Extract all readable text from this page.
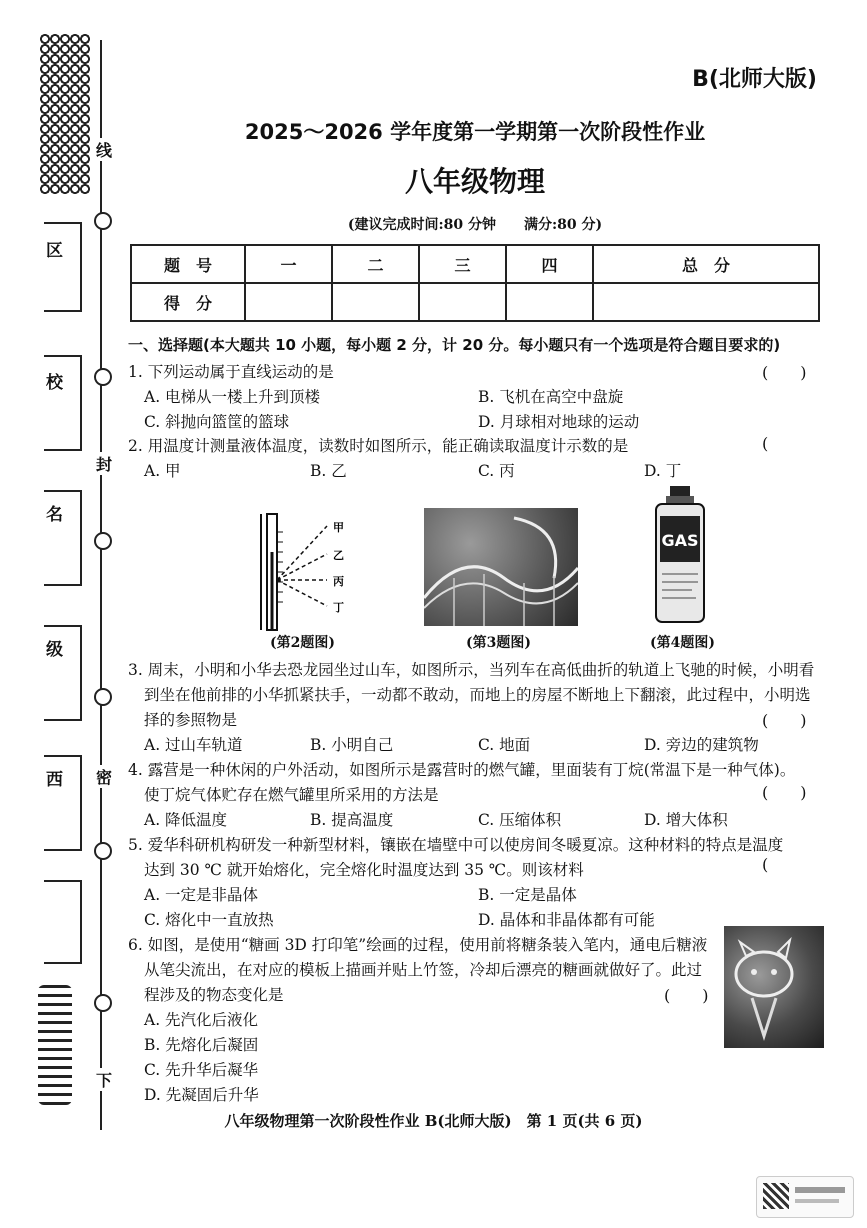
线
封
密
下
区
校
名
级
西
B(北师大版)
2025～2026 学年度第一学期第一次阶段性作业
八年级物理
(建议完成时间:80 分钟　　满分:80 分)
题　号	一	二	三	四	总　分
得　分					
一、选择题(本大题共 10 小题，每小题 2 分，计 20 分。每小题只有一个选项是符合题目要求的)
1. 下列运动属于直线运动的是	(　　)
A. 电梯从一楼上升到顶楼	B. 飞机在高空中盘旋
C. 斜抛向篮筐的篮球	D. 月球相对地球的运动
2. 用温度计测量液体温度，读数时如图所示，能正确读取温度计示数的是	(
A. 甲	B. 乙	C. 丙	D. 丁
甲
乙
丙
丁
(第2题图)	(第3题图)
GAS
(第4题图)
3. 周末，小明和小华去恐龙园坐过山车，如图所示，当列车在高低曲折的轨道上飞驰的时候，小明看
到坐在他前排的小华抓紧扶手，一动都不敢动，而地上的房屋不断地上下翻滚，此过程中，小明选
择的参照物是	(　　)
A. 过山车轨道	B. 小明自己	C. 地面	D. 旁边的建筑物
4. 露营是一种休闲的户外活动，如图所示是露营时的燃气罐，里面装有丁烷(常温下是一种气体)。
使丁烷气体贮存在燃气罐里所采用的方法是	(　　)
A. 降低温度	B. 提高温度	C. 压缩体积	D. 增大体积
5. 爱华科研机构研发一种新型材料，镶嵌在墙壁中可以使房间冬暖夏凉。这种材料的特点是温度
达到 30 ℃ 就开始熔化，完全熔化时温度达到 35 ℃。则该材料	(
A. 一定是非晶体	B. 一定是晶体
C. 熔化中一直放热	D. 晶体和非晶体都有可能
6. 如图，是使用“糖画 3D 打印笔”绘画的过程，使用前将糖条装入笔内，通电后糖液
从笔尖流出，在对应的模板上描画并贴上竹签，冷却后漂亮的糖画就做好了。此过
程涉及的物态变化是	(　　)
A. 先汽化后液化
B. 先熔化后凝固
C. 先升华后凝华
D. 先凝固后升华
八年级物理第一次阶段性作业 B(北师大版)　第 1 页(共 6 页)
